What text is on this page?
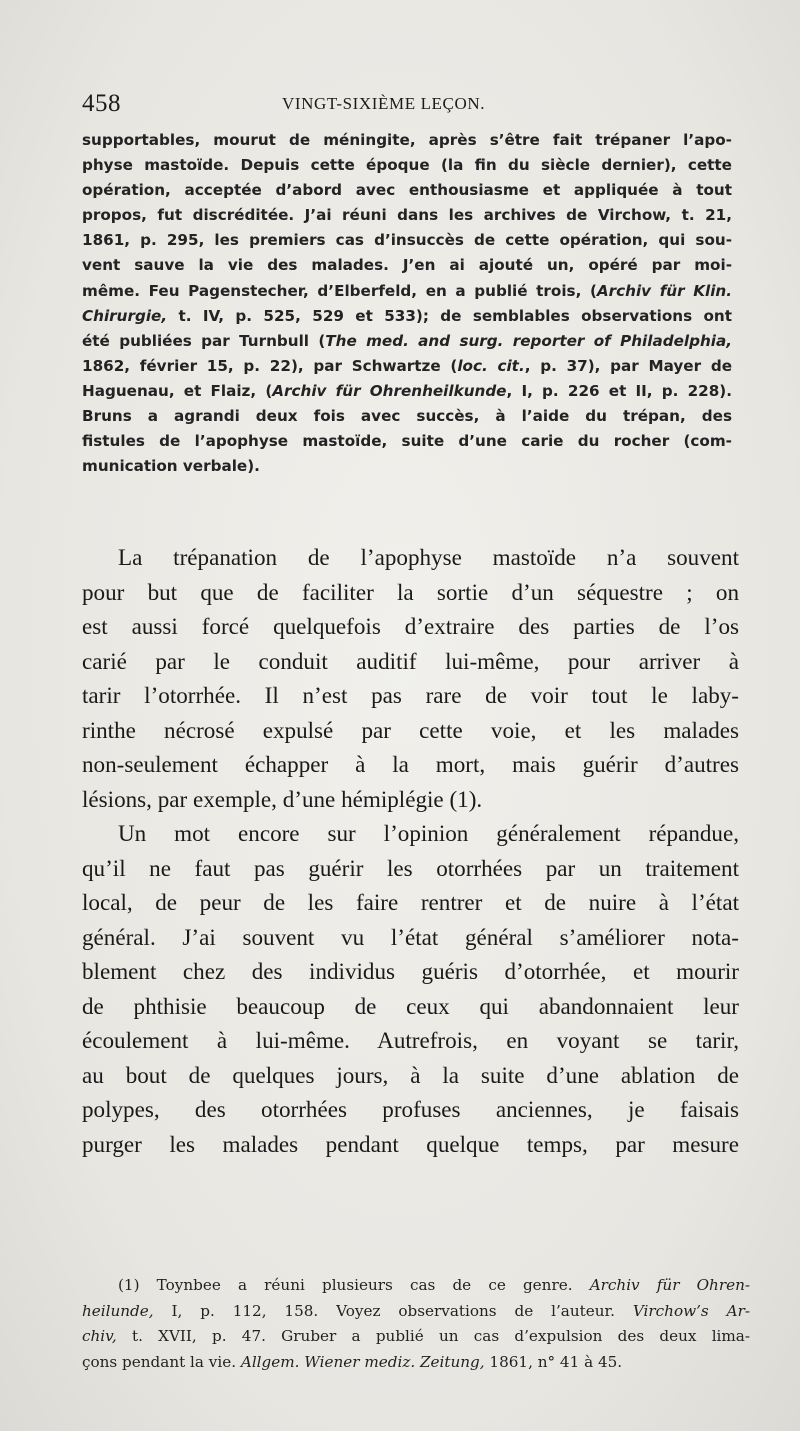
458	VINGT-SIXIÈME LEÇON.
supportables, mourut de méningite, après s’être fait trépaner l’apo-
physe mastoïde. Depuis cette époque (la fin du siècle dernier), cette
opération, acceptée d’abord avec enthousiasme et appliquée à tout
propos, fut discréditée. J’ai réuni dans les archives de Virchow, t. 21,
1861, p. 295, les premiers cas d’insuccès de cette opération, qui sou-
vent sauve la vie des malades. J’en ai ajouté un, opéré par moi-
même. Feu Pagenstecher, d’Elberfeld, en a publié trois, (Archiv für Klin.
Chirurgie, t. IV, p. 525, 529 et 533); de semblables observations ont
été publiées par Turnbull (The med. and surg. reporter of Philadelphia,
1862, février 15, p. 22), par Schwartze (loc. cit., p. 37), par Mayer de
Haguenau, et Flaiz, (Archiv für Ohrenheilkunde, I, p. 226 et II, p. 228).
Bruns a agrandi deux fois avec succès, à l’aide du trépan, des
fistules de l’apophyse mastoïde, suite d’une carie du rocher (com-
munication verbale).
La trépanation de l’apophyse mastoïde n’a souvent
pour but que de faciliter la sortie d’un séquestre ; on
est aussi forcé quelquefois d’extraire des parties de l’os
carié par le conduit auditif lui-même, pour arriver à
tarir l’otorrhée. Il n’est pas rare de voir tout le laby-
rinthe nécrosé expulsé par cette voie, et les malades
non-seulement échapper à la mort, mais guérir d’autres
lésions, par exemple, d’une hémiplégie (1).
Un mot encore sur l’opinion généralement répandue,
qu’il ne faut pas guérir les otorrhées par un traitement
local, de peur de les faire rentrer et de nuire à l’état
général. J’ai souvent vu l’état général s’améliorer nota-
blement chez des individus guéris d’otorrhée, et mourir
de phthisie beaucoup de ceux qui abandonnaient leur
écoulement à lui-même. Autrefrois, en voyant se tarir,
au bout de quelques jours, à la suite d’une ablation de
polypes, des otorrhées profuses anciennes, je faisais
purger les malades pendant quelque temps, par mesure
(1) Toynbee a réuni plusieurs cas de ce genre. Archiv für Ohren-
heilunde, I, p. 112, 158. Voyez observations de l’auteur. Virchow’s Ar-
chiv, t. XVII, p. 47. Gruber a publié un cas d’expulsion des deux lima-
çons pendant la vie. Allgem. Wiener mediz. Zeitung, 1861, n° 41 à 45.
